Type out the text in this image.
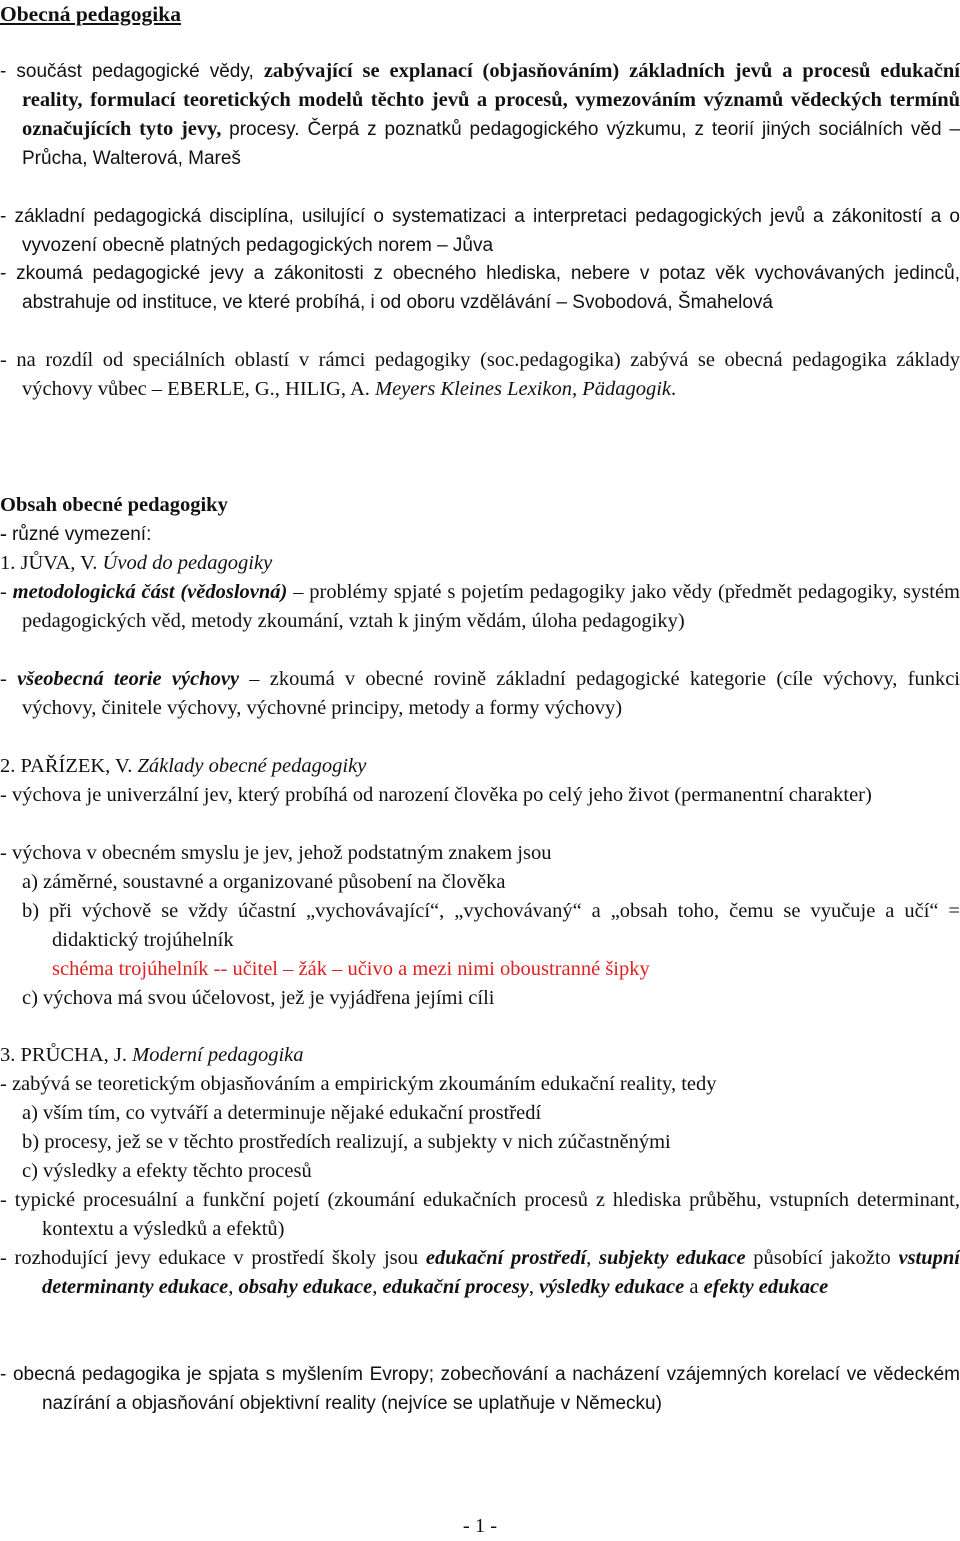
Obecná pedagogika
- součást pedagogické vědy, zabývající se explanací (objasňováním) základních jevů a procesů edukační reality, formulací teoretických modelů těchto jevů a procesů, vymezováním významů vědeckých termínů označujících tyto jevy, procesy. Čerpá z poznatků pedagogického výzkumu, z teorií jiných sociálních věd – Průcha, Walterová, Mareš
- základní pedagogická disciplína, usilující o systematizaci a interpretaci pedagogických jevů a zákonitostí a o vyvození obecně platných pedagogických norem – Jůva
- zkoumá pedagogické jevy a zákonitosti z obecného hlediska, nebere v potaz věk vychovávaných jedinců, abstrahuje od instituce, ve které probíhá, i od oboru vzdělávání – Svobodová, Šmahelová
- na rozdíl od speciálních oblastí v rámci pedagogiky (soc.pedagogika) zabývá se obecná pedagogika základy výchovy vůbec – EBERLE, G., HILIG, A. Meyers Kleines Lexikon, Pädagogik.
Obsah obecné pedagogiky
- různé vymezení:
1. JŮVA, V. Úvod do pedagogiky
- metodologická část (vědoslovná) – problémy spjaté s pojetím pedagogiky jako vědy (předmět pedagogiky, systém pedagogických věd, metody zkoumání, vztah k jiným vědám, úloha pedagogiky)
- všeobecná teorie výchovy – zkoumá v obecné rovině základní pedagogické kategorie (cíle výchovy, funkci výchovy, činitele výchovy, výchovné principy, metody a formy výchovy)
2. PAŘÍZEK, V. Základy obecné pedagogiky
- výchova je univerzální jev, který probíhá od narození člověka po celý jeho život (permanentní charakter)
- výchova v obecném smyslu je jev, jehož podstatným znakem jsou
a) záměrné, soustavné a organizované působení na člověka
b) při výchově se vždy účastní „vychovávající“, „vychovávaný“ a „obsah toho, čemu se vyučuje a učí“ = didaktický trojúhelník
schéma trojúhelník -- učitel – žák – učivo a mezi nimi oboustranné šipky
c) výchova má svou účelovost, jež je vyjádřena jejími cíli
3. PRŮCHA, J. Moderní pedagogika
- zabývá se teoretickým objasňováním a empirickým zkoumáním edukační reality, tedy
a) vším tím, co vytváří a determinuje nějaké edukační prostředí
b) procesy, jež se v těchto prostředích realizují, a subjekty v nich zúčastněnými
c) výsledky a efekty těchto procesů
- typické procesuální a funkční pojetí (zkoumání edukačních procesů z hlediska průběhu, vstupních determinant, kontextu a výsledků a efektů)
- rozhodující jevy edukace v prostředí školy jsou edukační prostředí, subjekty edukace působící jakožto vstupní determinanty edukace, obsahy edukace, edukační procesy, výsledky edukace a efekty edukace
- obecná pedagogika je spjata s myšlením Evropy; zobecňování a nacházení vzájemných korelací ve vědeckém nazírání a objasňování objektivní reality (nejvíce se uplatňuje v Německu)
- 1 -
